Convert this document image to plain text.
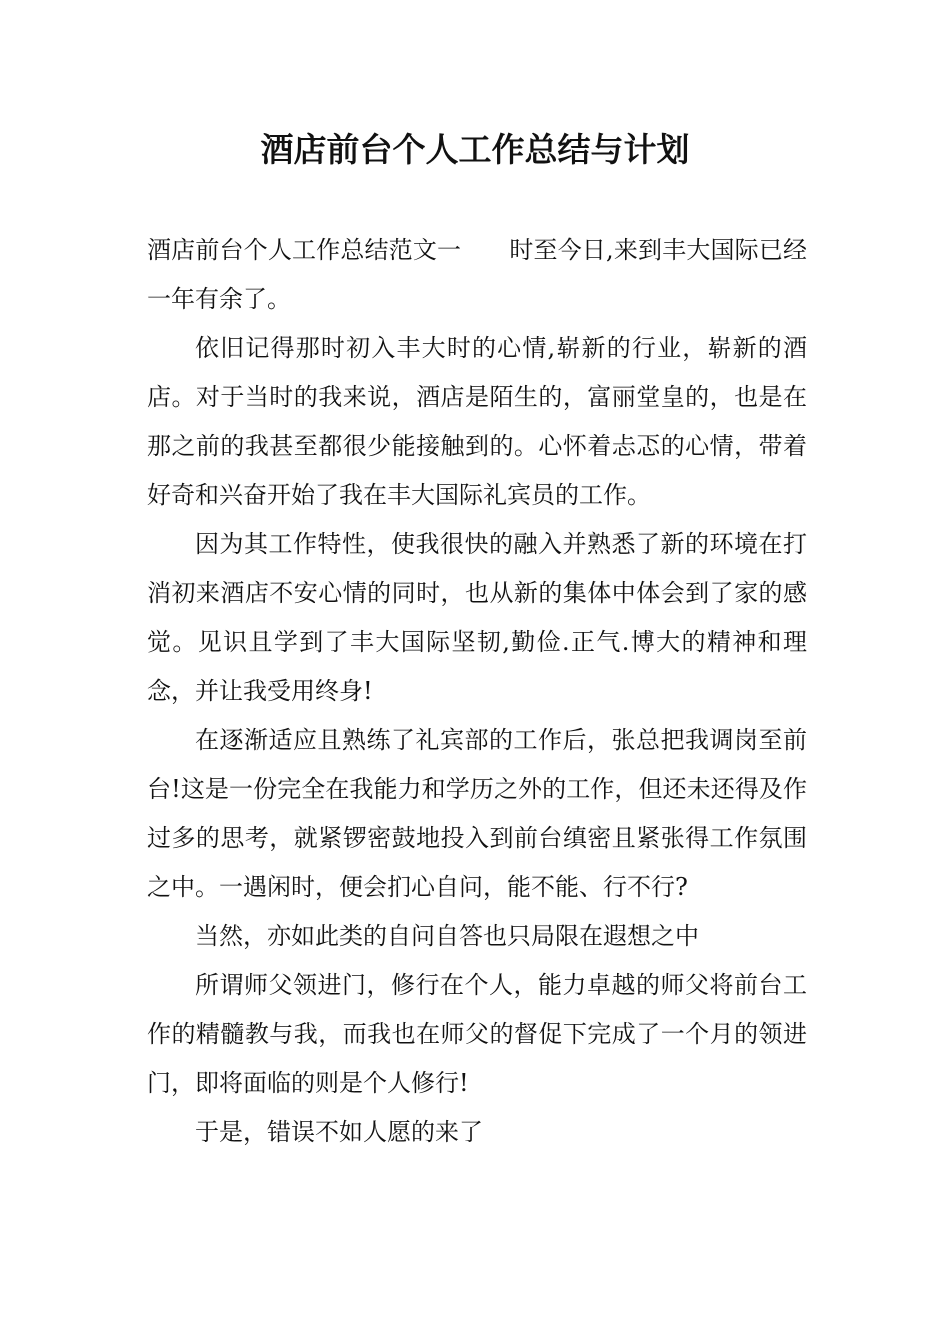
酒店前台个人工作总结与计划

酒店前台个人工作总结范文一 时至今日,来到丰大国际已经一年有余了。

依旧记得那时初入丰大时的心情,崭新的行业，崭新的酒店。对于当时的我来说，酒店是陌生的，富丽堂皇的，也是在那之前的我甚至都很少能接触到的。心怀着忐忑的心情，带着好奇和兴奋开始了我在丰大国际礼宾员的工作。

因为其工作特性，使我很快的融入并熟悉了新的环境在打消初来酒店不安心情的同时，也从新的集体中体会到了家的感觉。见识且学到了丰大国际坚韧,勤俭.正气.博大的精神和理念，并让我受用终身!

在逐渐适应且熟练了礼宾部的工作后，张总把我调岗至前台!这是一份完全在我能力和学历之外的工作，但还未还得及作过多的思考，就紧锣密鼓地投入到前台缜密且紧张得工作氛围之中。一遇闲时，便会扪心自问，能不能、行不行?

当然，亦如此类的自问自答也只局限在遐想之中

所谓师父领进门，修行在个人，能力卓越的师父将前台工作的精髓教与我，而我也在师父的督促下完成了一个月的领进门，即将面临的则是个人修行!

于是，错误不如人愿的来了
